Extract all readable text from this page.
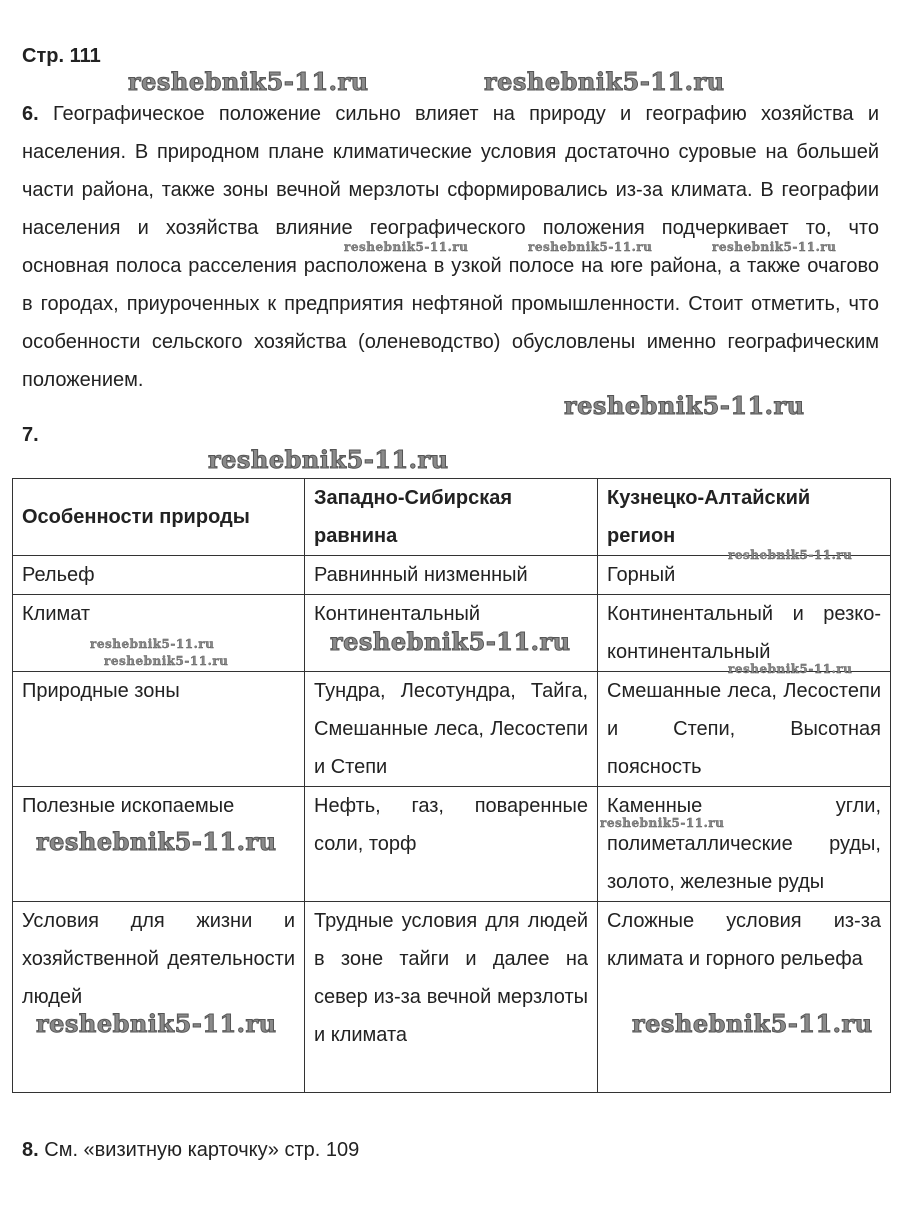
Стр. 111
6. Географическое положение сильно влияет на природу и географию хозяйства и населения. В природном плане климатические условия достаточно суровые на большей части района, также зоны вечной мерзлоты сформировались из-за климата. В географии населения и хозяйства влияние географического положения подчеркивает то, что основная полоса расселения расположена в узкой полосе на юге района, а также очагово в городах, приуроченных к предприятия нефтяной промышленности. Стоит отметить, что особенности сельского хозяйства (оленеводство) обусловлены именно географическим положением.
7.
Особенности природы	Западно-Сибирская равнина	Кузнецко-Алтайский регион
Рельеф	Равнинный низменный	Горный
Климат	Континентальный	Континентальный и резко-континентальный
Природные зоны	Тундра, Лесотундра, Тайга, Смешанные леса, Лесостепи и Степи	Смешанные леса, Лесостепи и Степи, Высотная поясность
Полезные ископаемые	Нефть, газ, поваренные соли, торф	Каменные угли, полиметаллические руды, золото, железные руды
Условия для жизни и хозяйственной деятельности людей	Трудные условия для людей в зоне тайги и далее на север из-за вечной мерзлоты и климата	Сложные условия из-за климата и горного рельефа
8. См. «визитную карточку» стр. 109
reshebnik5-11.ru	reshebnik5-11.ru
reshebnik5-11.ru	reshebnik5-11.ru	reshebnik5-11.ru
reshebnik5-11.ru
reshebnik5-11.ru
reshebnik5-11.ru
reshebnik5-11.ru
reshebnik5-11.ru
reshebnik5-11.ru
reshebnik5-11.ru
reshebnik5-11.ru
reshebnik5-11.ru
reshebnik5-11.ru	reshebnik5-11.ru
